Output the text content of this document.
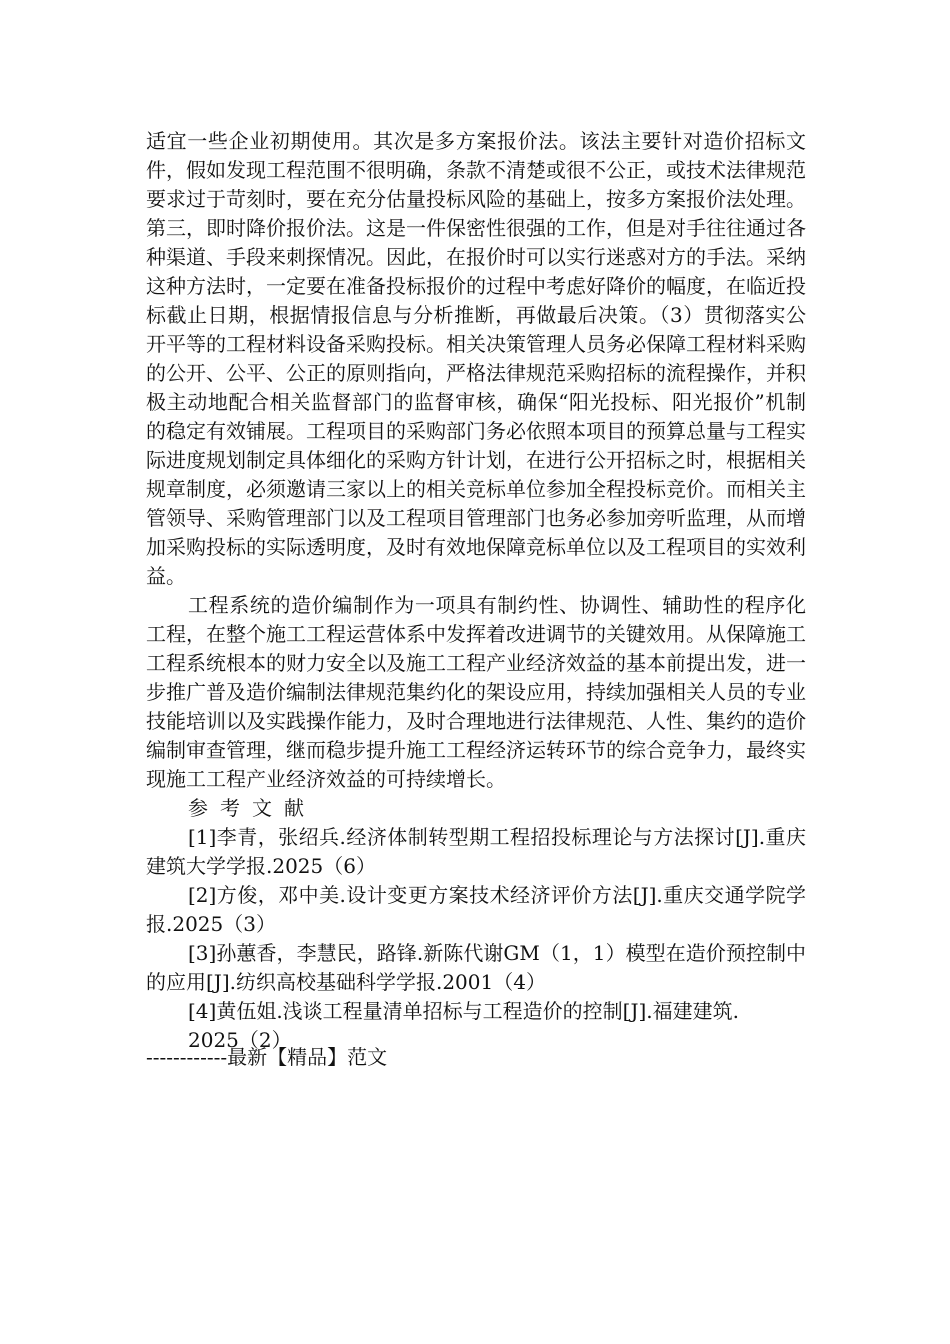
适宜一些企业初期使用。其次是多方案报价法。该法主要针对造价招标文件，假如发现工程范围不很明确，条款不清楚或很不公正，或技术法律规范要求过于苛刻时，要在充分估量投标风险的基础上，按多方案报价法处理。第三，即时降价报价法。这是一件保密性很强的工作，但是对手往往通过各种渠道、手段来刺探情况。因此，在报价时可以实行迷惑对方的手法。采纳这种方法时，一定要在准备投标报价的过程中考虑好降价的幅度，在临近投标截止日期，根据情报信息与分析推断，再做最后决策。（3）贯彻落实公开平等的工程材料设备采购投标。相关决策管理人员务必保障工程材料采购的公开、公平、公正的原则指向，严格法律规范采购招标的流程操作，并积极主动地配合相关监督部门的监督审核，确保“阳光投标、阳光报价”机制的稳定有效铺展。工程项目的采购部门务必依照本项目的预算总量与工程实际进度规划制定具体细化的采购方针计划，在进行公开招标之时，根据相关规章制度，必须邀请三家以上的相关竞标单位参加全程投标竞价。而相关主管领导、采购管理部门以及工程项目管理部门也务必参加旁听监理，从而增加采购投标的实际透明度，及时有效地保障竞标单位以及工程项目的实效利益。

工程系统的造价编制作为一项具有制约性、协调性、辅助性的程序化工程，在整个施工工程运营体系中发挥着改进调节的关键效用。从保障施工工程系统根本的财力安全以及施工工程产业经济效益的基本前提出发，进一步推广普及造价编制法律规范集约化的架设应用，持续加强相关人员的专业技能培训以及实践操作能力，及时合理地进行法律规范、人性、集约的造价编制审查管理，继而稳步提升施工工程经济运转环节的综合竞争力，最终实现施工工程产业经济效益的可持续增长。

参考文献

[1]李青，张绍兵.经济体制转型期工程招投标理论与方法探讨[J].重庆建筑大学学报.2025（6）

[2]方俊，邓中美.设计变更方案技术经济评价方法[J].重庆交通学院学报.2025（3）

[3]孙蕙香，李慧民，路锋.新陈代谢GM（1，1）模型在造价预控制中的应用[J].纺织高校基础科学学报.2001（4）

[4]黄伍姐.浅谈工程量清单招标与工程造价的控制[J].福建建筑.

2025（2）

------------最新【精品】范文
